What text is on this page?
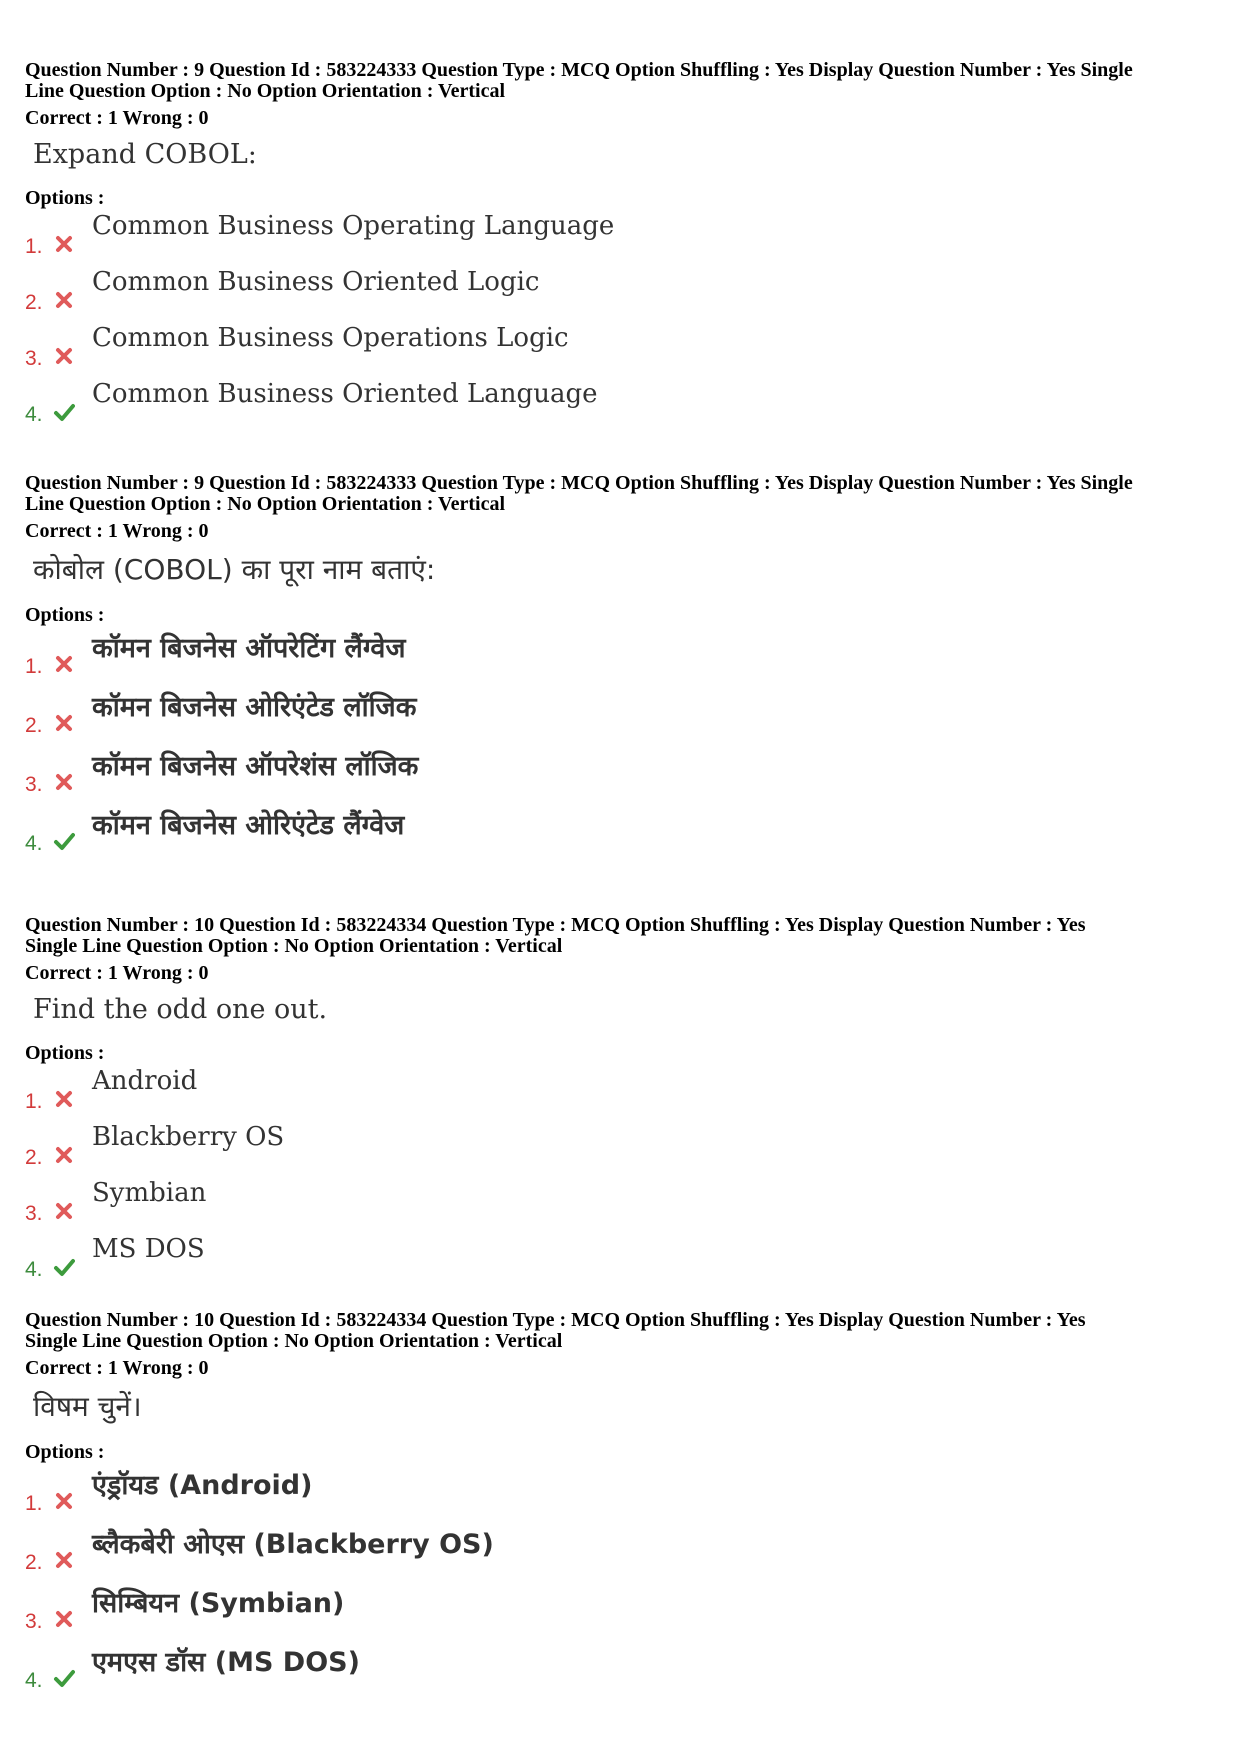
Question Number : 9 Question Id : 583224333 Question Type : MCQ Option Shuffling : Yes Display Question Number : Yes Single

Line Question Option : No Option Orientation : Vertical

Correct : 1 Wrong : 0
Expand COBOL:
Options :
1.
Common Business Operating Language
2.
Common Business Oriented Logic
3.
Common Business Operations Logic
4.
Common Business Oriented Language

Question Number : 9 Question Id : 583224333 Question Type : MCQ Option Shuffling : Yes Display Question Number : Yes Single

Line Question Option : No Option Orientation : Vertical

Correct : 1 Wrong : 0
कोबोल (COBOL) का पूरा नाम बताएं:
Options :
1.
कॉमन बिजनेस ऑपरेटिंग लैंग्वेज
2.
कॉमन बिजनेस ओरिएंटेड लॉजिक
3.
कॉमन बिजनेस ऑपरेशंस लॉजिक
4.
कॉमन बिजनेस ओरिएंटेड लैंग्वेज

Question Number : 10 Question Id : 583224334 Question Type : MCQ Option Shuffling : Yes Display Question Number : Yes

Single Line Question Option : No Option Orientation : Vertical

Correct : 1 Wrong : 0
Find the odd one out.
Options :
1.
Android
2.
Blackberry OS
3.
Symbian
4.
MS DOS

Question Number : 10 Question Id : 583224334 Question Type : MCQ Option Shuffling : Yes Display Question Number : Yes

Single Line Question Option : No Option Orientation : Vertical

Correct : 1 Wrong : 0
विषम चुनें।
Options :
1.
एंड्रॉयड (Android)
2.
ब्लैकबेरी ओएस (Blackberry OS)
3.
सिम्बियन (Symbian)
4.
एमएस डॉस (MS DOS)
